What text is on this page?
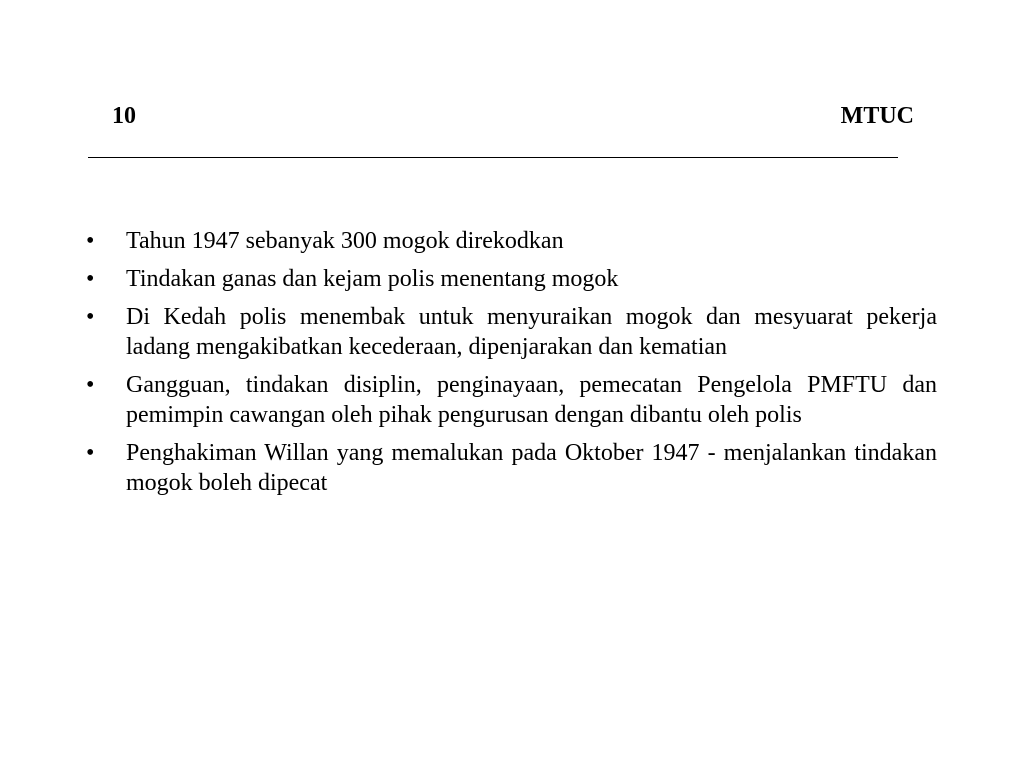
10	MTUC
•	Tahun 1947 sebanyak 300 mogok direkodkan
•	Tindakan ganas dan kejam polis menentang mogok
•	Di Kedah polis menembak untuk menyuraikan mogok dan mesyuarat pekerja ladang mengakibatkan kecederaan, dipenjarakan dan kematian
•	Gangguan, tindakan disiplin, penginayaan, pemecatan Pengelola PMFTU dan pemimpin cawangan oleh pihak pengurusan dengan dibantu oleh polis
•	Penghakiman Willan yang memalukan pada Oktober 1947 - menjalankan tindakan mogok boleh dipecat
